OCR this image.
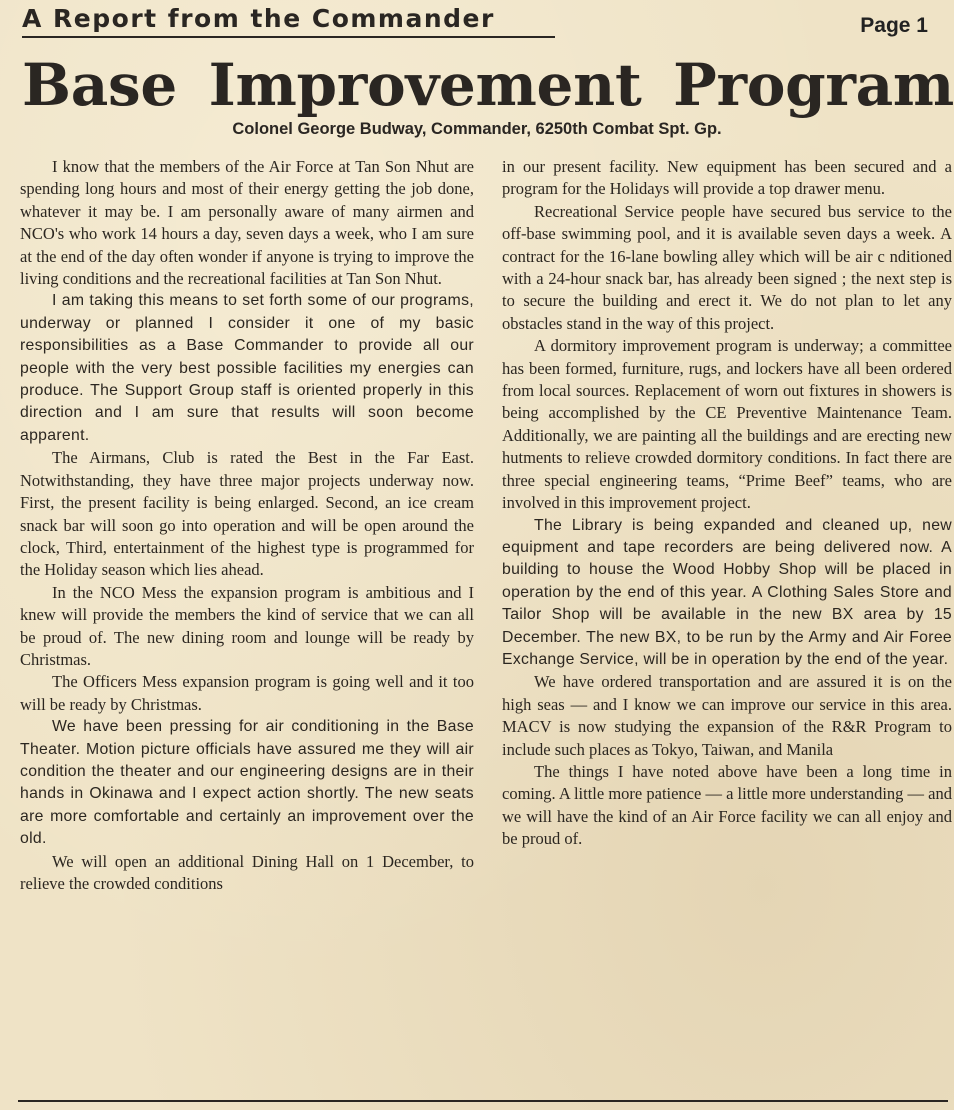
A Report from the Commander	Page 1
Base Improvement Program
Colonel George Budway, Commander, 6250th Combat Spt. Gp.

I know that the members of the Air Force at Tan Son Nhut are spending long hours and most of their energy getting the job done, whatever it may be. I am personally aware of many airmen and NCO's who work 14 hours a day, seven days a week, who I am sure at the end of the day often wonder if anyone is trying to improve the living conditions and the recreational facilities at Tan Son Nhut.

I am taking this means to set forth some of our programs, underway or planned I consider it one of my basic responsibilities as a Base Commander to provide all our people with the very best possible facilities my energies can produce. The Support Group staff is oriented properly in this direction and I am sure that results will soon become apparent.

The Airmans, Club is rated the Best in the Far East. Notwithstanding, they have three major projects underway now. First, the present facility is being enlarged. Second, an ice cream snack bar will soon go into operation and will be open around the clock, Third, entertainment of the highest type is programmed for the Holiday season which lies ahead.

In the NCO Mess the expansion program is ambitious and I knew will provide the members the kind of service that we can all be proud of. The new dining room and lounge will be ready by Christmas.

The Officers Mess expansion program is going well and it too will be ready by Christmas.

We have been pressing for air conditioning in the Base Theater. Motion picture officials have assured me they will air condition the theater and our engineering designs are in their hands in Okinawa and I expect action shortly. The new seats are more comfortable and certainly an improvement over the old.

We will open an additional Dining Hall on 1 December, to relieve the crowded conditions

in our present facility. New equipment has been secured and a program for the Holidays will provide a top drawer menu.

Recreational Service people have secured bus service to the off-base swimming pool, and it is available seven days a week. A contract for the 16-lane bowling alley which will be air c nditioned with a 24-hour snack bar, has already been signed ; the next step is to secure the building and erect it. We do not plan to let any obstacles stand in the way of this project.

A dormitory improvement program is underway; a committee has been formed, furniture, rugs, and lockers have all been ordered from local sources. Replacement of worn out fixtures in showers is being accomplished by the CE Preventive Maintenance Team. Additionally, we are painting all the buildings and are erecting new hutments to relieve crowded dormitory conditions. In fact there are three special engineering teams, “Prime Beef” teams, who are involved in this improvement project.

The Library is being expanded and cleaned up, new equipment and tape recorders are being delivered now. A building to house the Wood Hobby Shop will be placed in operation by the end of this year. A Clothing Sales Store and Tailor Shop will be available in the new BX area by 15 December. The new BX, to be run by the Army and Air Foree Exchange Service, will be in operation by the end of the year.

We have ordered transportation and are assured it is on the high seas — and I know we can improve our service in this area. MACV is now studying the expansion of the R&R Program to include such places as Tokyo, Taiwan, and Manila

The things I have noted above have been a long time in coming. A little more patience — a little more understanding — and we will have the kind of an Air Force facility we can all enjoy and be proud of.
